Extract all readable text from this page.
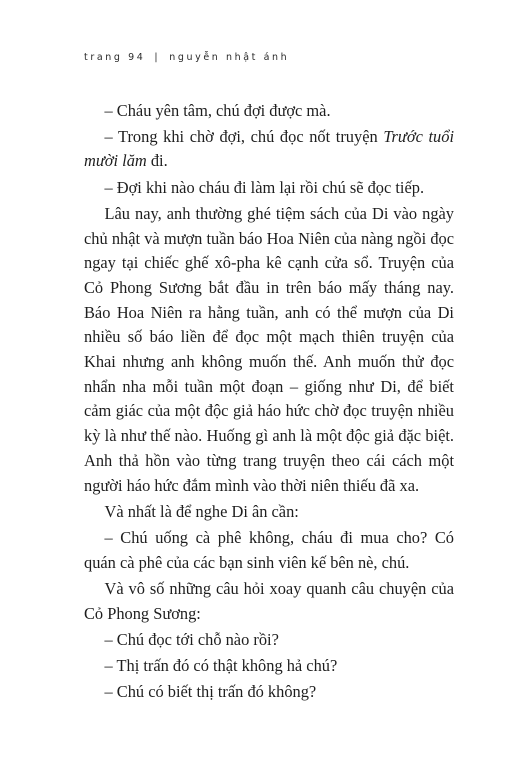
trang 94 | nguyễn nhật ánh

– Cháu yên tâm, chú đợi được mà.

– Trong khi chờ đợi, chú đọc nốt truyện Trước tuổi mười lăm đi.

– Đợi khi nào cháu đi làm lại rồi chú sẽ đọc tiếp.

Lâu nay, anh thường ghé tiệm sách của Di vào ngày chủ nhật và mượn tuần báo Hoa Niên của nàng ngồi đọc ngay tại chiếc ghế xô-pha kê cạnh cửa sổ. Truyện của Cỏ Phong Sương bắt đầu in trên báo mấy tháng nay. Báo Hoa Niên ra hằng tuần, anh có thể mượn của Di nhiều số báo liền để đọc một mạch thiên truyện của Khai nhưng anh không muốn thế. Anh muốn thử đọc nhẩn nha mỗi tuần một đoạn – giống như Di, để biết cảm giác của một độc giả háo hức chờ đọc truyện nhiều kỳ là như thế nào. Huống gì anh là một độc giả đặc biệt. Anh thả hồn vào từng trang truyện theo cái cách một người háo hức đắm mình vào thời niên thiếu đã xa.

Và nhất là để nghe Di ân cần:

– Chú uống cà phê không, cháu đi mua cho? Có quán cà phê của các bạn sinh viên kế bên nè, chú.

Và vô số những câu hỏi xoay quanh câu chuyện của Cỏ Phong Sương:

– Chú đọc tới chỗ nào rồi?

– Thị trấn đó có thật không hả chú?

– Chú có biết thị trấn đó không?
